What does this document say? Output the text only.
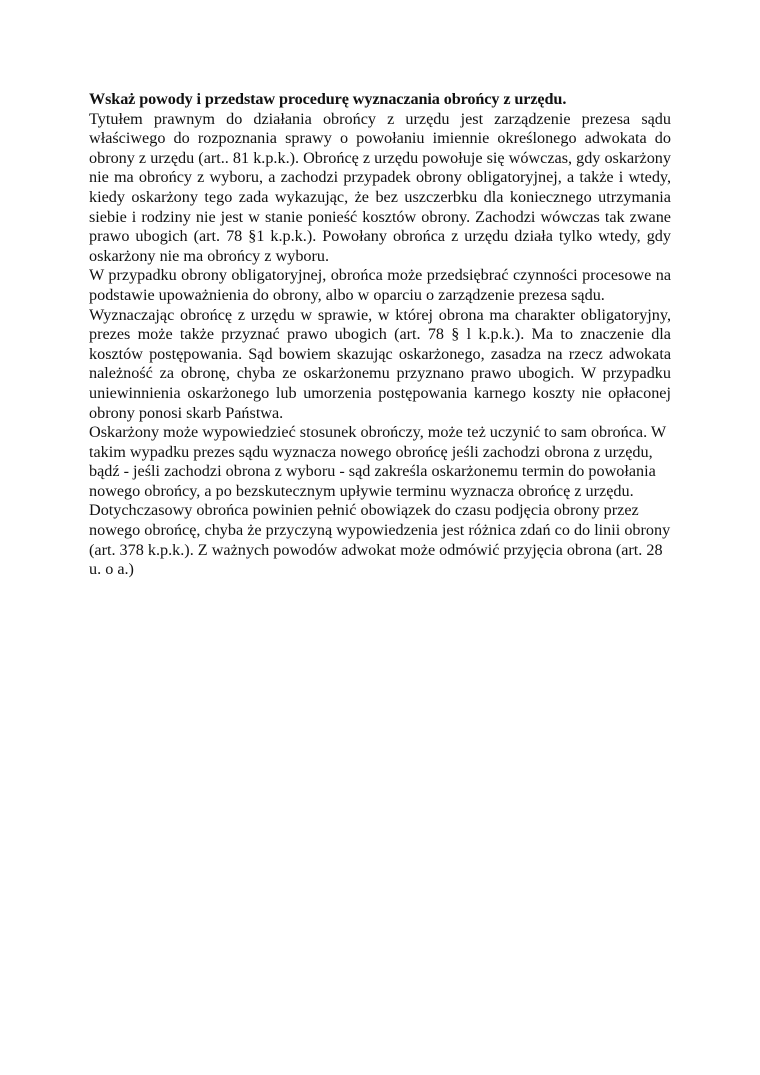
Wskaż powody i przedstaw procedurę wyznaczania obrońcy z urzędu.

Tytułem prawnym do działania obrońcy z urzędu jest zarządzenie prezesa sądu właściwego do rozpoznania sprawy o powołaniu imiennie określonego adwokata do obrony z urzędu (art.. 81 k.p.k.). Obrońcę z urzędu powołuje się wówczas, gdy oskarżony nie ma obrońcy z wyboru, a zachodzi przypadek obrony obligatoryjnej, a także i wtedy, kiedy oskarżony tego zada wykazując, że bez uszczerbku dla koniecznego utrzymania siebie i rodziny nie jest w stanie ponieść kosztów obrony. Zachodzi wówczas tak zwane prawo ubogich (art. 78 §1 k.p.k.). Powołany obrońca z urzędu działa tylko wtedy, gdy oskarżony nie ma obrońcy z wyboru.

W przypadku obrony obligatoryjnej, obrońca może przedsiębrać czynności procesowe na podstawie upoważnienia do obrony, albo w oparciu o zarządzenie prezesa sądu.

Wyznaczając obrońcę z urzędu w sprawie, w której obrona ma charakter obligatoryjny, prezes może także przyznać prawo ubogich (art. 78 § l k.p.k.). Ma to znaczenie dla kosztów postępowania. Sąd bowiem skazując oskarżonego, zasadza na rzecz adwokata należność za obronę, chyba ze oskarżonemu przyznano prawo ubogich. W przypadku uniewinnienia oskarżonego lub umorzenia postępowania karnego koszty nie opłaconej obrony ponosi skarb Państwa.

Oskarżony może wypowiedzieć stosunek obrończy, może też uczynić to sam obrońca. W takim wypadku prezes sądu wyznacza nowego obrońcę jeśli zachodzi obrona z urzędu, bądź - jeśli zachodzi obrona z wyboru - sąd zakreśla oskarżonemu termin do powołania nowego obrońcy, a po bezskutecznym upływie terminu wyznacza obrońcę z urzędu. Dotychczasowy obrońca powinien pełnić obowiązek do czasu podjęcia obrony przez nowego obrońcę, chyba że przyczyną wypowiedzenia jest różnica zdań co do linii obrony (art. 378 k.p.k.). Z ważnych powodów adwokat może odmówić przyjęcia obrona (art. 28 u. o a.)
